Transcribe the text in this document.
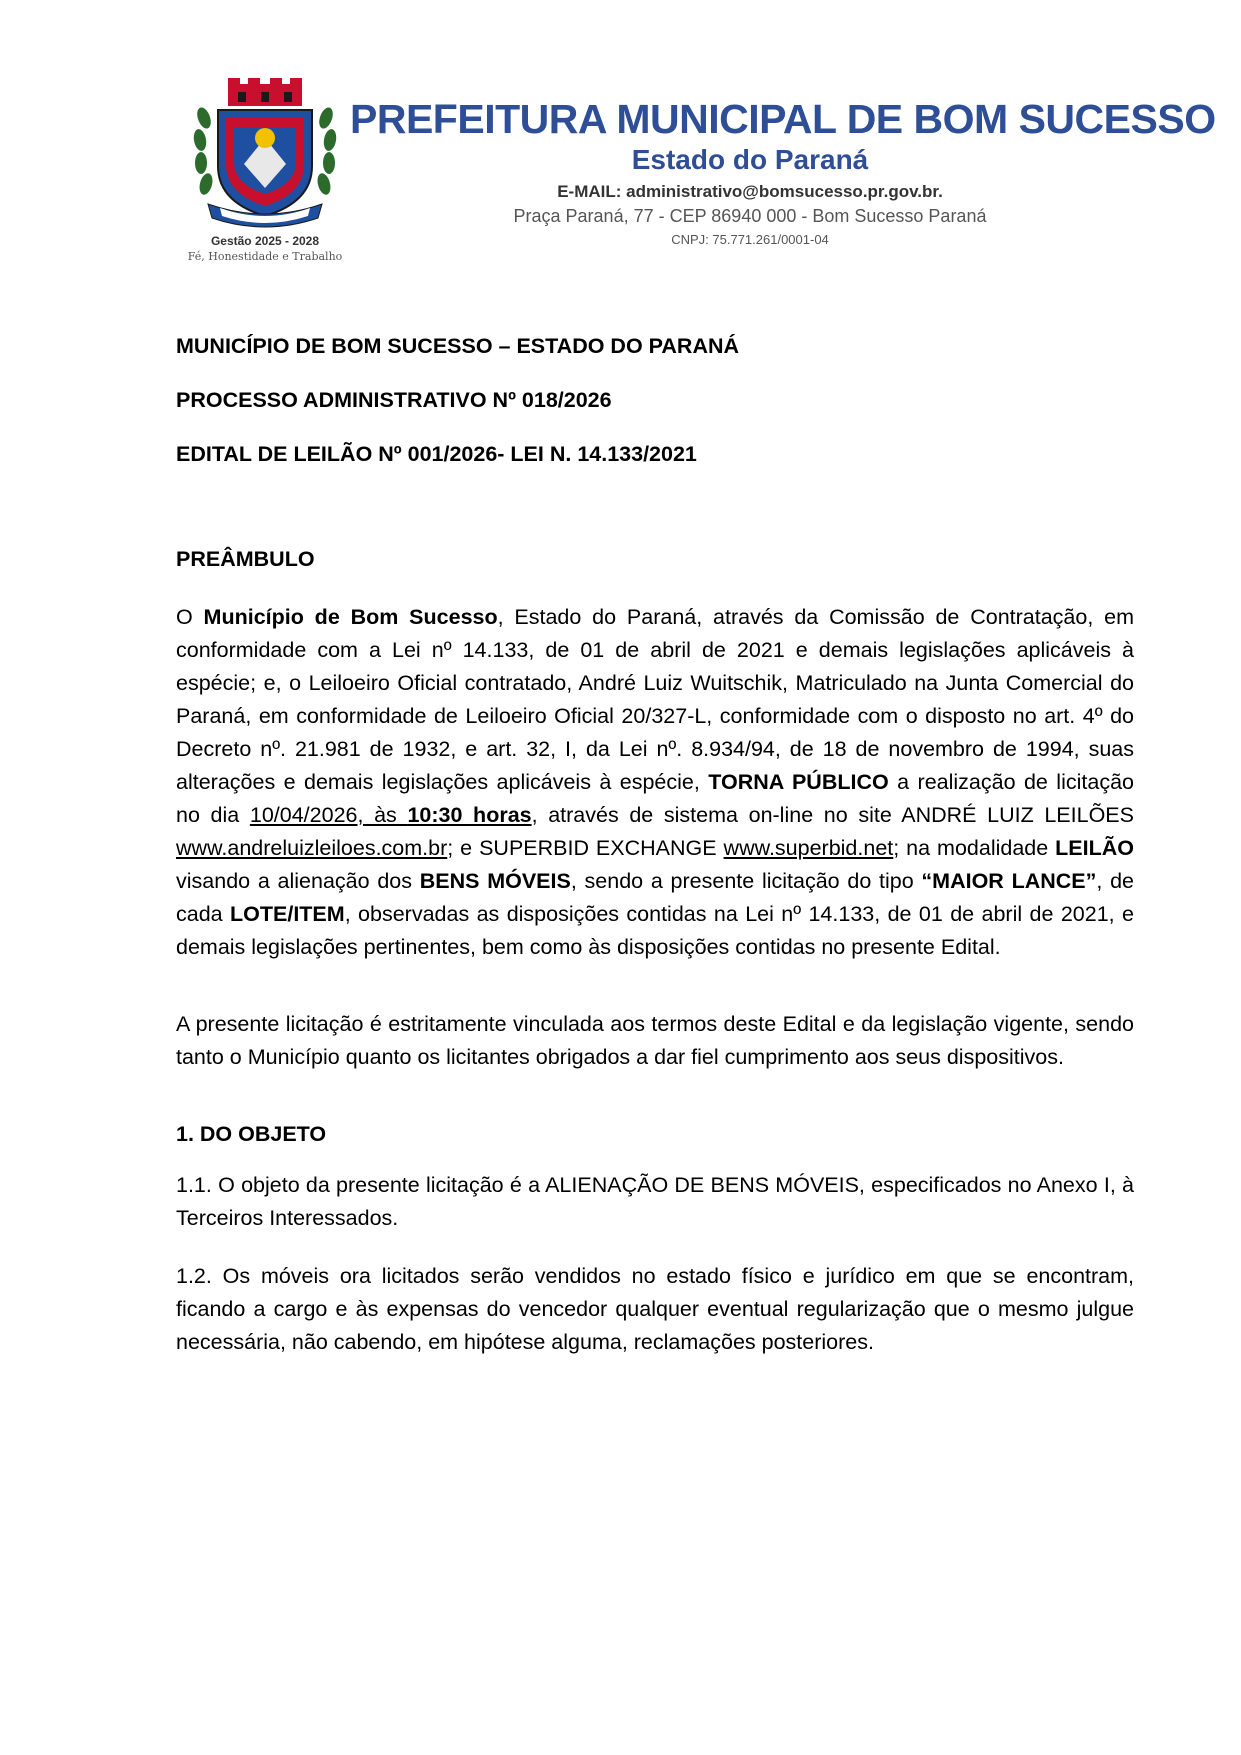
Gestão 2025 - 2028
Fé, Honestidade e Trabalho
PREFEITURA MUNICIPAL DE BOM SUCESSO
Estado do Paraná
E-MAIL: administrativo@bomsucesso.pr.gov.br.
Praça Paraná, 77 - CEP 86940 000 - Bom Sucesso Paraná
CNPJ: 75.771.261/0001-04

MUNICÍPIO DE BOM SUCESSO – ESTADO DO PARANÁ

PROCESSO ADMINISTRATIVO Nº 018/2026

EDITAL DE LEILÃO Nº 001/2026- LEI N. 14.133/2021

PREÂMBULO

O Município de Bom Sucesso, Estado do Paraná, através da Comissão de Contratação, em conformidade com a Lei nº 14.133, de 01 de abril de 2021 e demais legislações aplicáveis à espécie; e, o Leiloeiro Oficial contratado, André Luiz Wuitschik, Matriculado na Junta Comercial do Paraná, em conformidade de Leiloeiro Oficial 20/327-L, conformidade com o disposto no art. 4º do Decreto nº. 21.981 de 1932, e art. 32, I, da Lei nº. 8.934/94, de 18 de novembro de 1994, suas alterações e demais legislações aplicáveis à espécie, TORNA PÚBLICO a realização de licitação no dia 10/04/2026, às 10:30 horas, através de sistema on-line no site ANDRÉ LUIZ LEILÕES www.andreluizleiloes.com.br; e SUPERBID EXCHANGE www.superbid.net; na modalidade LEILÃO visando a alienação dos BENS MÓVEIS, sendo a presente licitação do tipo “MAIOR LANCE”, de cada LOTE/ITEM, observadas as disposições contidas na Lei nº 14.133, de 01 de abril de 2021, e demais legislações pertinentes, bem como às disposições contidas no presente Edital.

A presente licitação é estritamente vinculada aos termos deste Edital e da legislação vigente, sendo tanto o Município quanto os licitantes obrigados a dar fiel cumprimento aos seus dispositivos.

1. DO OBJETO

1.1. O objeto da presente licitação é a ALIENAÇÃO DE BENS MÓVEIS, especificados no Anexo I, à Terceiros Interessados.

1.2. Os móveis ora licitados serão vendidos no estado físico e jurídico em que se encontram, ficando a cargo e às expensas do vencedor qualquer eventual regularização que o mesmo julgue necessária, não cabendo, em hipótese alguma, reclamações posteriores.
